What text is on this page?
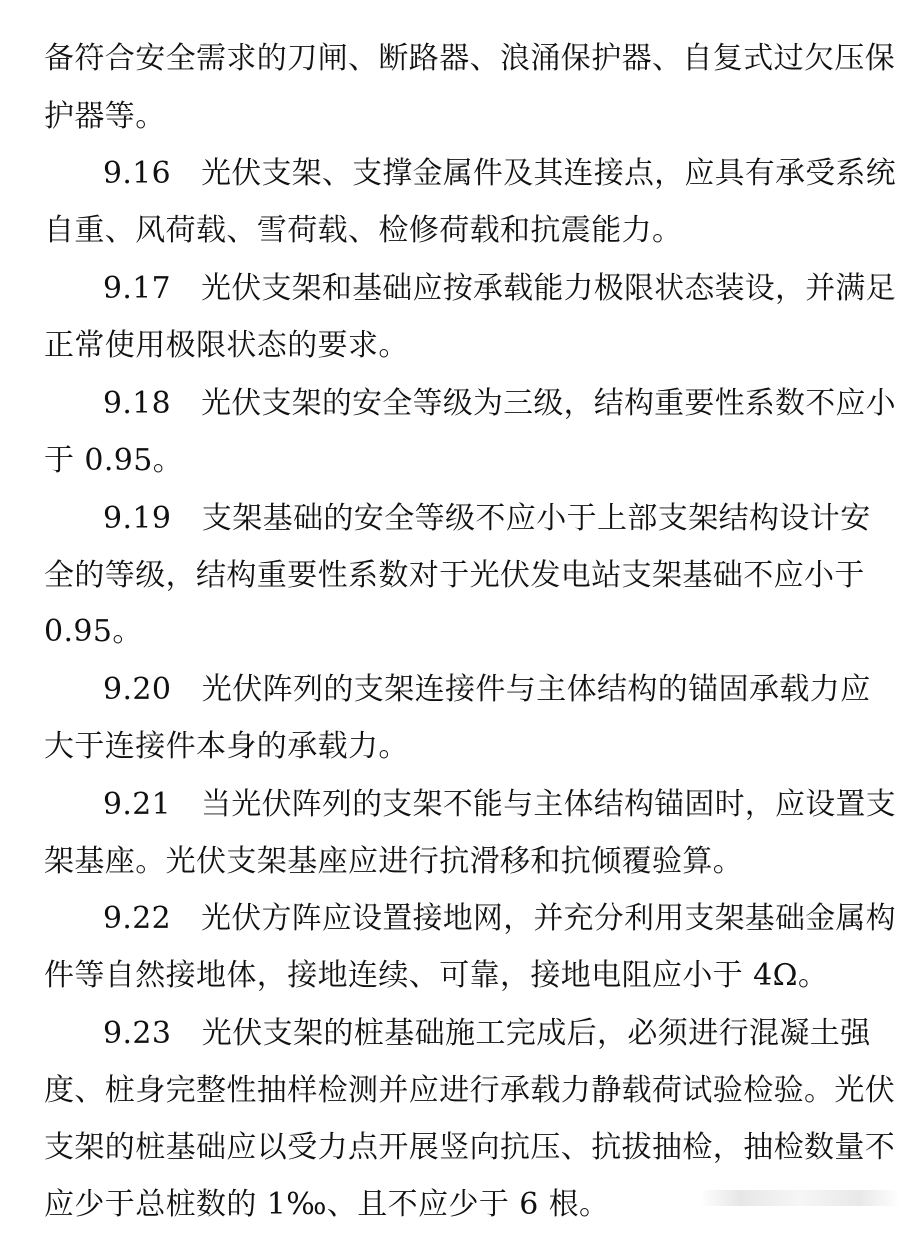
备符合安全需求的刀闸、断路器、浪涌保护器、自复式过欠压保
护器等。
9.16　光伏支架、支撑金属件及其连接点，应具有承受系统
自重、风荷载、雪荷载、检修荷载和抗震能力。
9.17　光伏支架和基础应按承载能力极限状态装设，并满足
正常使用极限状态的要求。
9.18　光伏支架的安全等级为三级，结构重要性系数不应小
于 0.95。
9.19　支架基础的安全等级不应小于上部支架结构设计安
全的等级，结构重要性系数对于光伏发电站支架基础不应小于
0.95。
9.20　光伏阵列的支架连接件与主体结构的锚固承载力应
大于连接件本身的承载力。
9.21　当光伏阵列的支架不能与主体结构锚固时，应设置支
架基座。光伏支架基座应进行抗滑移和抗倾覆验算。
9.22　光伏方阵应设置接地网，并充分利用支架基础金属构
件等自然接地体，接地连续、可靠，接地电阻应小于 4Ω。
9.23　光伏支架的桩基础施工完成后，必须进行混凝土强
度、桩身完整性抽样检测并应进行承载力静载荷试验检验。光伏
支架的桩基础应以受力点开展竖向抗压、抗拔抽检，抽检数量不
应少于总桩数的 1‰、且不应少于 6 根。
